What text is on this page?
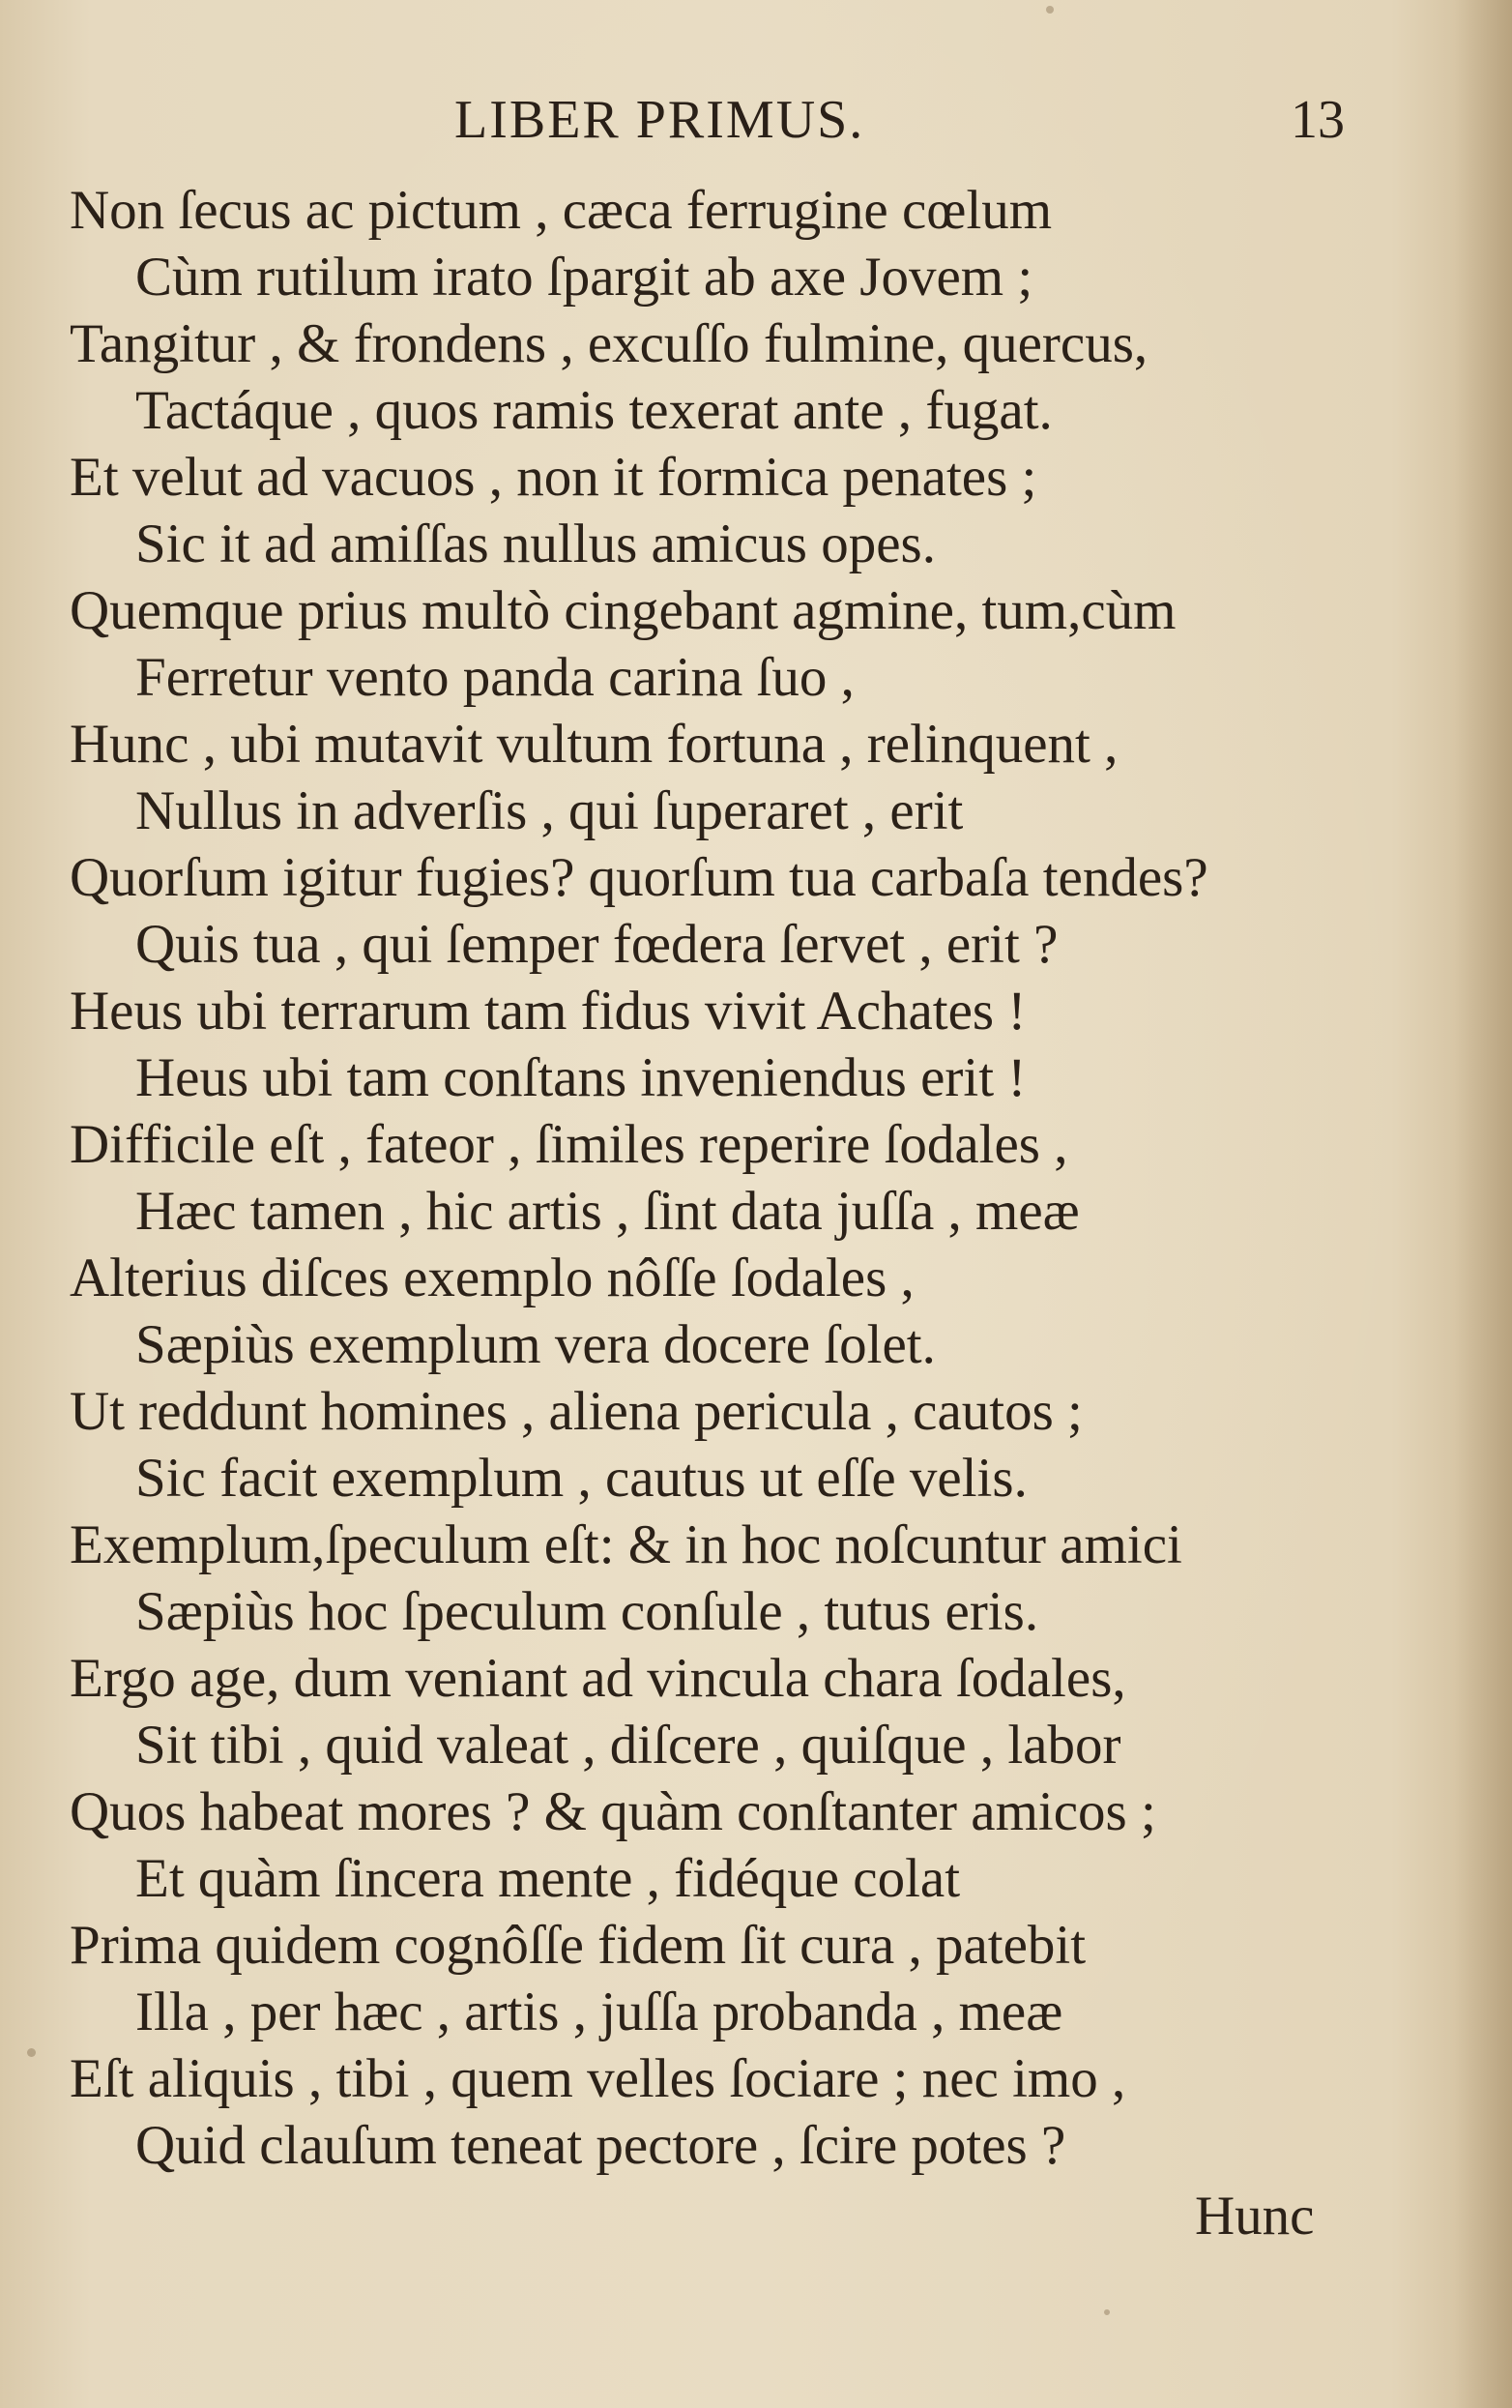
LIBER PRIMUS.	13
Non ſecus ac pictum , cæca ferrugine cœlum
Cùm rutilum irato ſpargit ab axe Jovem ;
Tangitur , & frondens , excuſſo fulmine, quercus,
Tactáque , quos ramis texerat ante , fugat.
Et velut ad vacuos , non it formica penates ;
Sic it ad amiſſas nullus amicus opes.
Quemque prius multò cingebant agmine, tum,cùm
Ferretur vento panda carina ſuo ,
Hunc , ubi mutavit vultum fortuna , relinquent ,
Nullus in adverſis , qui ſuperaret , erit
Quorſum igitur fugies? quorſum tua carbaſa tendes?
Quis tua , qui ſemper fœdera ſervet , erit ?
Heus ubi terrarum tam fidus vivit Achates !
Heus ubi tam conſtans inveniendus erit !
Difficile eſt , fateor , ſimiles reperire ſodales ,
Hæc tamen , hic artis , ſint data juſſa , meæ
Alterius diſces exemplo nôſſe ſodales ,
Sæpiùs exemplum vera docere ſolet.
Ut reddunt homines , aliena pericula , cautos ;
Sic facit exemplum , cautus ut eſſe velis.
Exemplum,ſpeculum eſt: & in hoc noſcuntur amici
Sæpiùs hoc ſpeculum conſule , tutus eris.
Ergo age, dum veniant ad vincula chara ſodales,
Sit tibi , quid valeat , diſcere , quiſque , labor
Quos habeat mores ? & quàm conſtanter amicos ;
Et quàm ſincera mente , fidéque colat
Prima quidem cognôſſe fidem ſit cura , patebit
Illa , per hæc , artis , juſſa probanda , meæ
Eſt aliquis , tibi , quem velles ſociare ; nec imo ,
Quid clauſum teneat pectore , ſcire potes ?
Hunc
